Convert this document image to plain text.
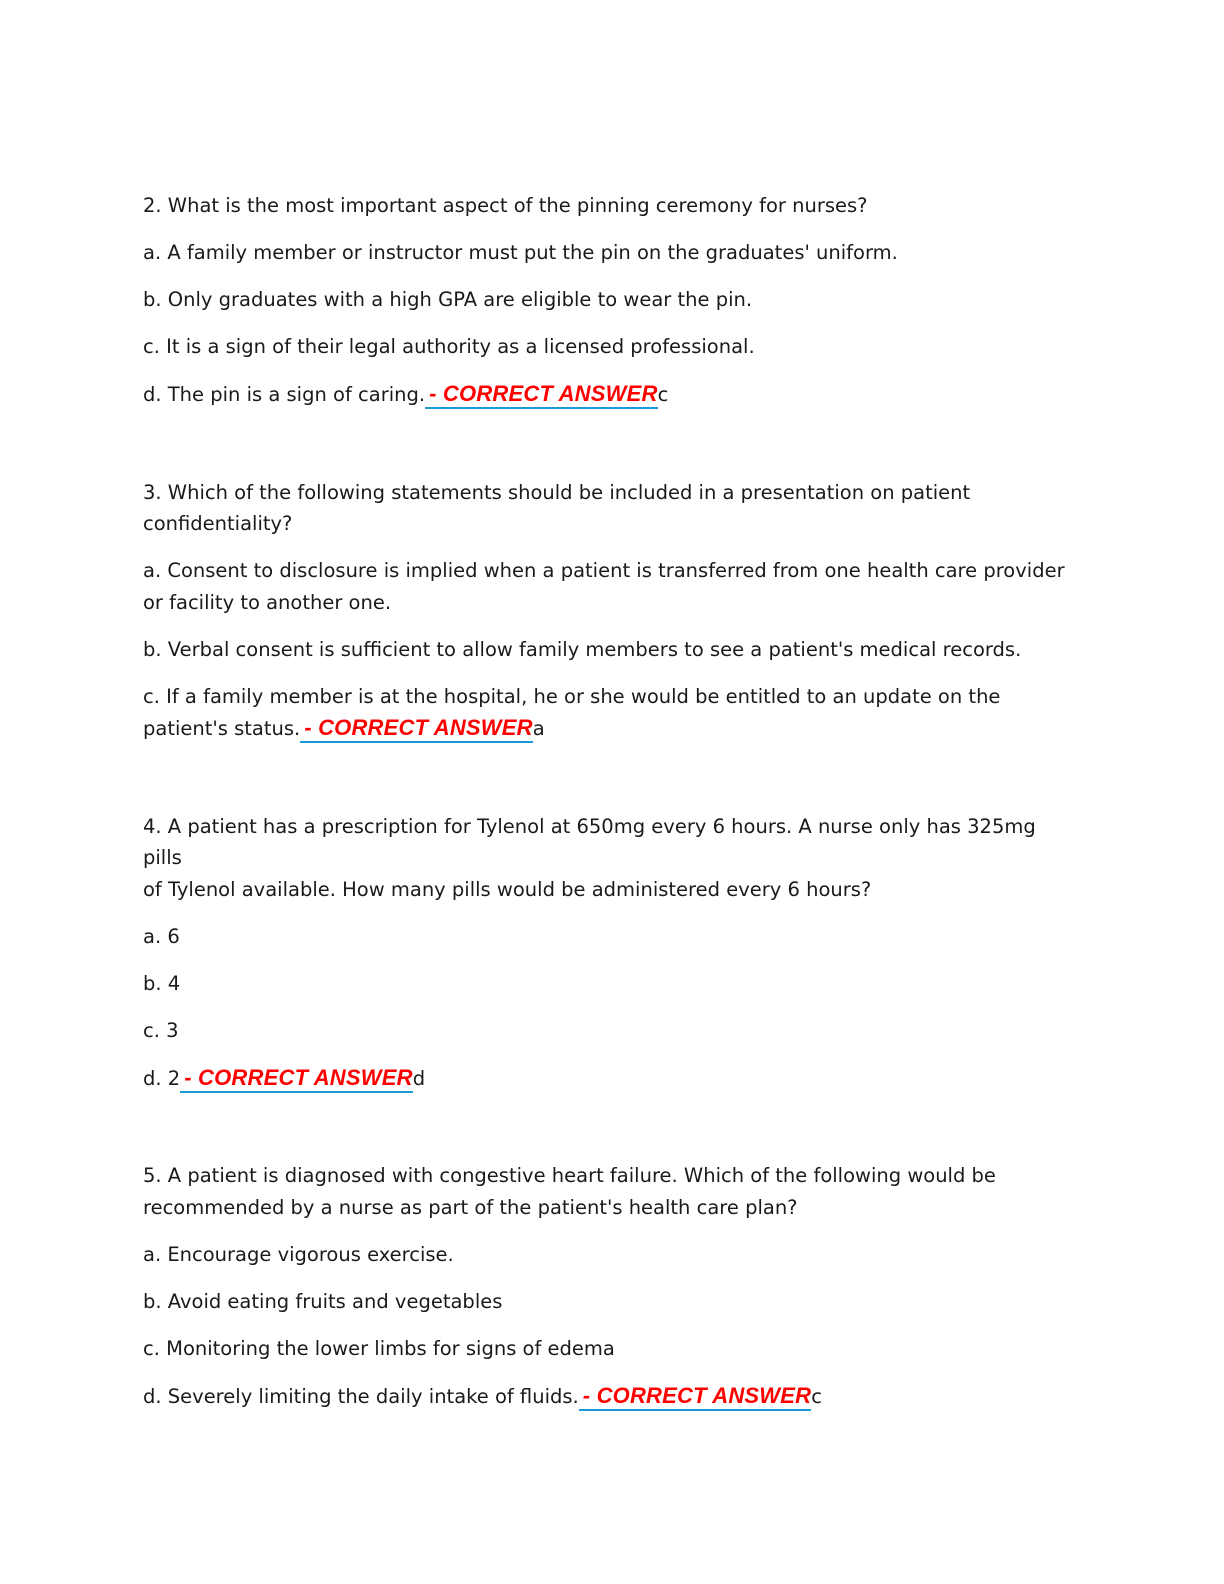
2. What is the most important aspect of the pinning ceremony for nurses?

a. A family member or instructor must put the pin on the graduates' uniform.

b. Only graduates with a high GPA are eligible to wear the pin.

c. It is a sign of their legal authority as a licensed professional.

d. The pin is a sign of caring. - CORRECT ANSWERc

3. Which of the following statements should be included in a presentation on patient
confidentiality?

a. Consent to disclosure is implied when a patient is transferred from one health care provider or facility to another one.

b. Verbal consent is sufficient to allow family members to see a patient's medical records.

c. If a family member is at the hospital, he or she would be entitled to an update on the patient's status. - CORRECT ANSWERa

4. A patient has a prescription for Tylenol at 650mg every 6 hours. A nurse only has 325mg pills
of Tylenol available. How many pills would be administered every 6 hours?

a. 6

b. 4

c. 3

d. 2 - CORRECT ANSWERd

5. A patient is diagnosed with congestive heart failure. Which of the following would be
recommended by a nurse as part of the patient's health care plan?

a. Encourage vigorous exercise.

b. Avoid eating fruits and vegetables

c. Monitoring the lower limbs for signs of edema

d. Severely limiting the daily intake of fluids. - CORRECT ANSWERc
